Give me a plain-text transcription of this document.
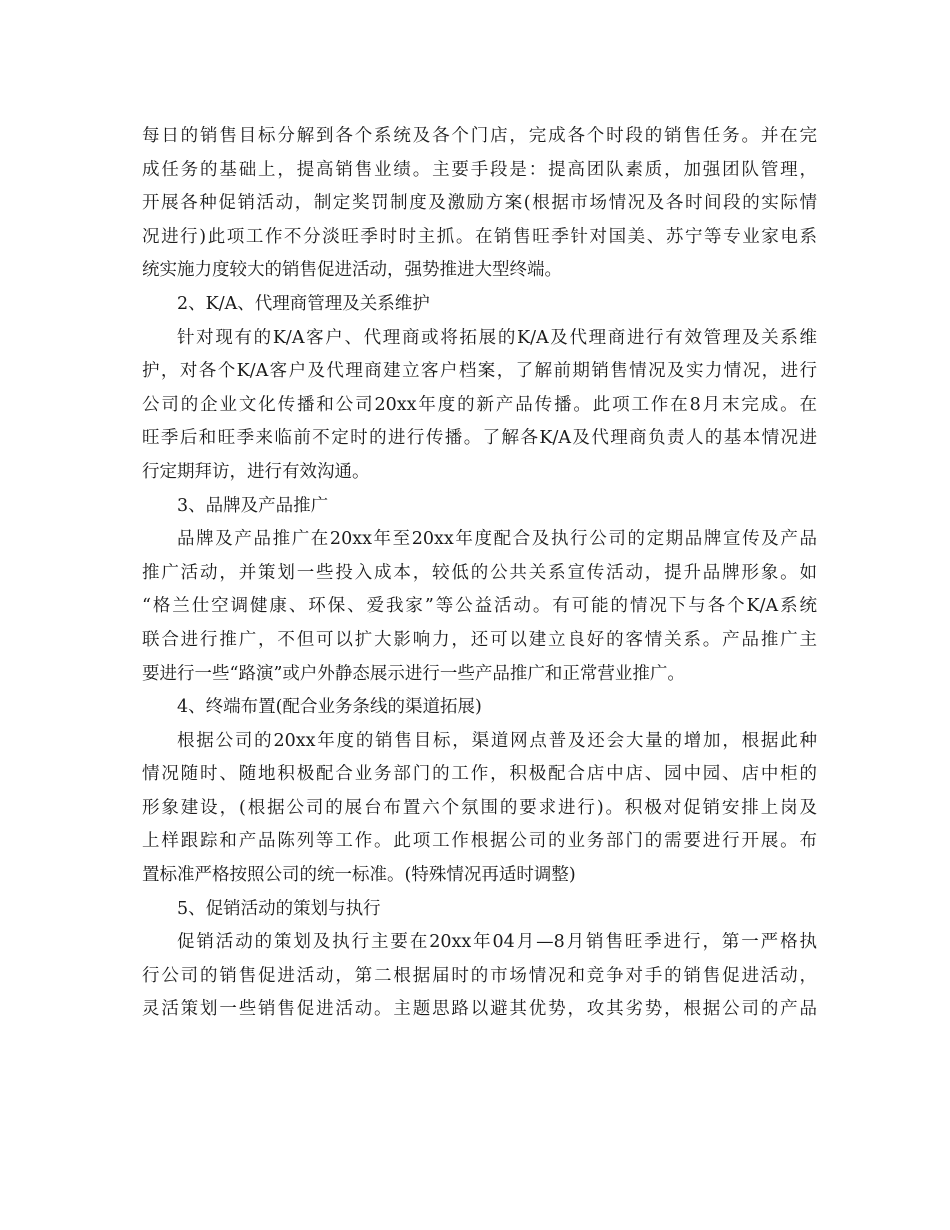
每日的销售目标分解到各个系统及各个门店，完成各个时段的销售任务。并在完

成任务的基础上，提高销售业绩。主要手段是：提高团队素质，加强团队管理，

开展各种促销活动，制定奖罚制度及激励方案(根据市场情况及各时间段的实际情

况进行)此项工作不分淡旺季时时主抓。在销售旺季针对国美、苏宁等专业家电系

统实施力度较大的销售促进活动，强势推进大型终端。

2、K/A、代理商管理及关系维护

针对现有的K/A客户、代理商或将拓展的K/A及代理商进行有效管理及关系维

护，对各个K/A客户及代理商建立客户档案，了解前期销售情况及实力情况，进行

公司的企业文化传播和公司20xx年度的新产品传播。此项工作在8月末完成。在

旺季后和旺季来临前不定时的进行传播。了解各K/A及代理商负责人的基本情况进

行定期拜访，进行有效沟通。

3、品牌及产品推广

品牌及产品推广在20xx年至20xx年度配合及执行公司的定期品牌宣传及产品

推广活动，并策划一些投入成本，较低的公共关系宣传活动，提升品牌形象。如

“格兰仕空调健康、环保、爱我家”等公益活动。有可能的情况下与各个K/A系统

联合进行推广，不但可以扩大影响力，还可以建立良好的客情关系。产品推广主

要进行一些“路演”或户外静态展示进行一些产品推广和正常营业推广。

4、终端布置(配合业务条线的渠道拓展)

根据公司的20xx年度的销售目标，渠道网点普及还会大量的增加，根据此种

情况随时、随地积极配合业务部门的工作，积极配合店中店、园中园、店中柜的

形象建设，(根据公司的展台布置六个氛围的要求进行)。积极对促销安排上岗及

上样跟踪和产品陈列等工作。此项工作根据公司的业务部门的需要进行开展。布

置标准严格按照公司的统一标准。(特殊情况再适时调整)

5、促销活动的策划与执行

促销活动的策划及执行主要在20xx年04月—8月销售旺季进行，第一严格执

行公司的销售促进活动，第二根据届时的市场情况和竞争对手的销售促进活动，

灵活策划一些销售促进活动。主题思路以避其优势，攻其劣势，根据公司的产品
